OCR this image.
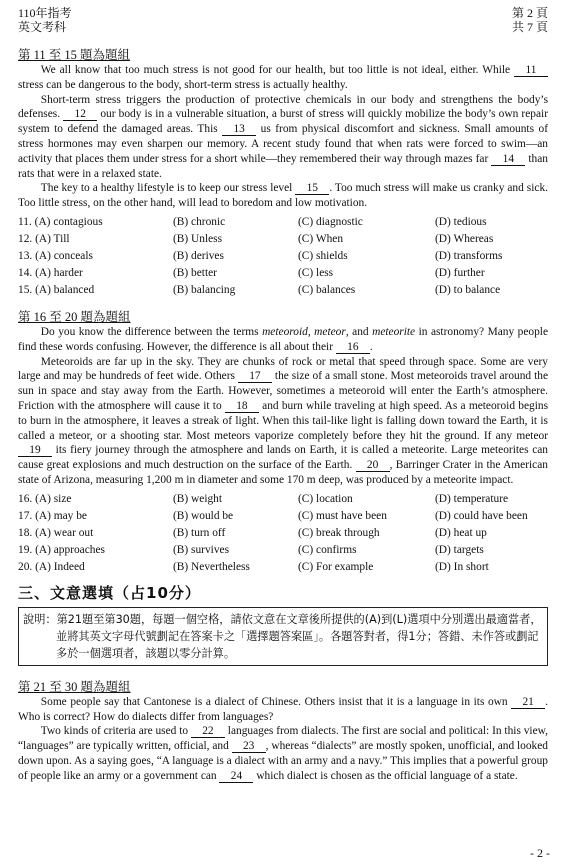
110年指考
英文考科
第 2 頁
共 7 頁
第 11 至 15 題為題組

We all know that too much stress is not good for our health, but too little is not ideal, either. While 11 stress can be dangerous to the body, short-term stress is actually healthy.

Short-term stress triggers the production of protective chemicals in our body and strengthens the body’s defenses. 12 our body is in a vulnerable situation, a burst of stress will quickly mobilize the body’s own repair system to defend the damaged areas. This 13 us from physical discomfort and sickness. Small amounts of stress hormones may even sharpen our memory. A recent study found that when rats were forced to swim—an activity that places them under stress for a short while—they remembered their way through mazes far 14 than rats that were in a relaxed state.

The key to a healthy lifestyle is to keep our stress level 15 . Too much stress will make us cranky and sick. Too little stress, on the other hand, will lead to boredom and low motivation.

11. (A) contagious	(B) chronic	(C) diagnostic	(D) tedious
12. (A) Till	(B) Unless	(C) When	(D) Whereas
13. (A) conceals	(B) derives	(C) shields	(D) transforms
14. (A) harder	(B) better	(C) less	(D) further
15. (A) balanced	(B) balancing	(C) balances	(D) to balance
第 16 至 20 題為題組

Do you know the difference between the terms meteoroid, meteor, and meteorite in astronomy? Many people find these words confusing. However, the difference is all about their 16 .

Meteoroids are far up in the sky. They are chunks of rock or metal that speed through space. Some are very large and may be hundreds of feet wide. Others 17 the size of a small stone. Most meteoroids travel around the sun in space and stay away from the Earth. However, sometimes a meteoroid will enter the Earth’s atmosphere. Friction with the atmosphere will cause it to 18 and burn while traveling at high speed. As a meteoroid begins to burn in the atmosphere, it leaves a streak of light. When this tail-like light is falling down toward the Earth, it is called a meteor, or a shooting star. Most meteors vaporize completely before they hit the ground. If any meteor 19 its fiery journey through the atmosphere and lands on Earth, it is called a meteorite. Large meteorites can cause great explosions and much destruction on the surface of the Earth. 20 , Barringer Crater in the American state of Arizona, measuring 1,200 m in diameter and some 170 m deep, was produced by a meteorite impact.

16. (A) size	(B) weight	(C) location	(D) temperature
17. (A) may be	(B) would be	(C) must have been	(D) could have been
18. (A) wear out	(B) turn off	(C) break through	(D) heat up
19. (A) approaches	(B) survives	(C) confirms	(D) targets
20. (A) Indeed	(B) Nevertheless	(C) For example	(D) In short
三、文意選填（占10分）
說明： 第21題至第30題，每題一個空格，請依文意在文章後所提供的(A)到(L)選項中分別選出最適當者，並將其英文字母代號劃記在答案卡之「選擇題答案區」。各題答對者，得1分；答錯、未作答或劃記多於一個選項者，該題以零分計算。
第 21 至 30 題為題組

Some people say that Cantonese is a dialect of Chinese. Others insist that it is a language in its own 21 . Who is correct? How do dialects differ from languages?

Two kinds of criteria are used to 22 languages from dialects. The first are social and political: In this view, “languages” are typically written, official, and 23 , whereas “dialects” are mostly spoken, unofficial, and looked down upon. As a saying goes, “A language is a dialect with an army and a navy.” This implies that a powerful group of people like an army or a government can 24 which dialect is chosen as the official language of a state.

- 2 -
